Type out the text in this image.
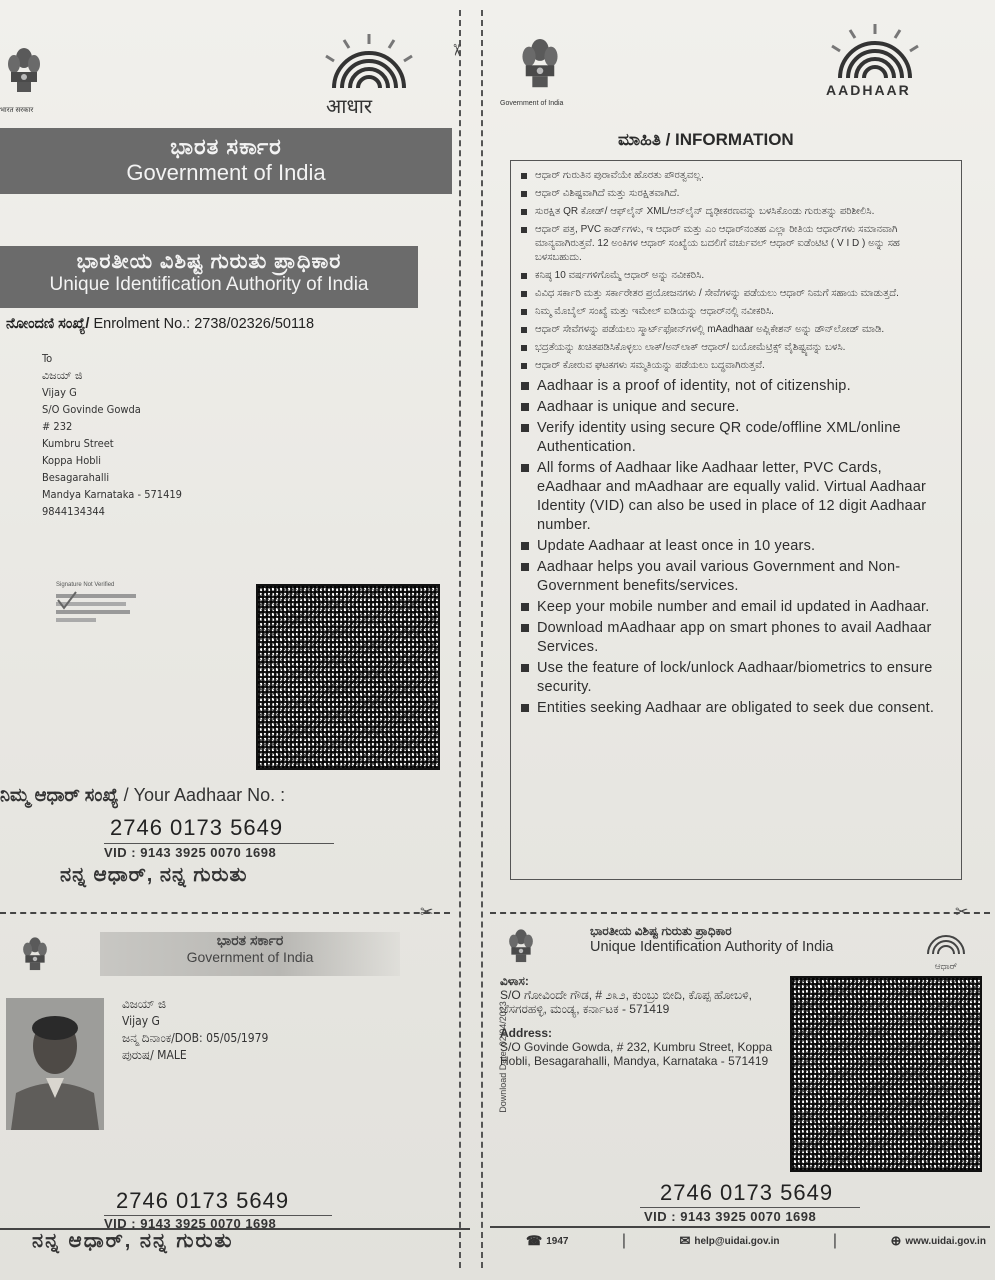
भारत सरकार	आधार
ಭಾರತ ಸರ್ಕಾರ
Government of India
ಭಾರತೀಯ ವಿಶಿಷ್ಟ ಗುರುತು ಪ್ರಾಧಿಕಾರ
Unique Identification Authority of India
ನೋಂದಣಿ ಸಂಖ್ಯೆ/ Enrolment No.: 2738/02326/50118
To
ವಿಜಯ್ ಜಿ
Vijay G
S/O Govinde Gowda
# 232
Kumbru Street
Koppa Hobli
Besagarahalli
Mandya Karnataka - 571419
9844134344
Signature Not Verified
ನಿಮ್ಮ ಆಧಾರ್ ಸಂಖ್ಯೆ / Your Aadhaar No. :
2746 0173 5649
VID : 9143 3925 0070 1698
ನನ್ನ ಆಧಾರ್, ನನ್ನ ಗುರುತು
✂
✂	✂
Government of India
AADHAAR
ಮಾಹಿತಿ / INFORMATION
ಆಧಾರ್ ಗುರುತಿನ ಪುರಾವೆಯೇ ಹೊರತು ಪೌರತ್ವವಲ್ಲ.
ಆಧಾರ್ ವಿಶಿಷ್ಟವಾಗಿದೆ ಮತ್ತು ಸುರಕ್ಷಿತವಾಗಿದೆ.
ಸುರಕ್ಷಿತ QR ಕೋಡ್/ ಆಫ್‌ಲೈನ್ XML/ಆನ್‌ಲೈನ್ ದೃಢೀಕರಣವನ್ನು ಬಳಸಿಕೊಂಡು ಗುರುತನ್ನು ಪರಿಶೀಲಿಸಿ.
ಆಧಾರ್ ಪತ್ರ, PVC ಕಾರ್ಡ್‌ಗಳು, ಇ ಆಧಾರ್ ಮತ್ತು ಎಂ ಆಧಾರ್‌ನಂತಹ ಎಲ್ಲಾ ರೀತಿಯ ಆಧಾರ್‌ಗಳು ಸಮಾನವಾಗಿ ಮಾನ್ಯವಾಗಿರುತ್ತವೆ. 12 ಅಂಕಿಗಳ ಆಧಾರ್ ಸಂಖ್ಯೆಯ ಬದಲಿಗೆ ವರ್ಚುವಲ್ ಆಧಾರ್ ಐಡೆಂಟಿಟಿ ( V I D ) ಅನ್ನು ಸಹ ಬಳಸಬಹುದು.
ಕನಿಷ್ಠ 10 ವರ್ಷಗಳಿಗೊಮ್ಮೆ ಆಧಾರ್ ಅನ್ನು ನವೀಕರಿಸಿ.
ವಿವಿಧ ಸರ್ಕಾರಿ ಮತ್ತು ಸರ್ಕಾರೇತರ ಪ್ರಯೋಜನಗಳು / ಸೇವೆಗಳನ್ನು ಪಡೆಯಲು ಆಧಾರ್ ನಿಮಗೆ ಸಹಾಯ ಮಾಡುತ್ತದೆ.
ನಿಮ್ಮ ಮೊಬೈಲ್ ಸಂಖ್ಯೆ ಮತ್ತು ಇಮೇಲ್ ಐಡಿಯನ್ನು ಆಧಾರ್‌ನಲ್ಲಿ ನವೀಕರಿಸಿ.
ಆಧಾರ್ ಸೇವೆಗಳನ್ನು ಪಡೆಯಲು ಸ್ಮಾರ್ಟ್‌ಫೋನ್‌ಗಳಲ್ಲಿ mAadhaar ಅಪ್ಲಿಕೇಶನ್ ಅನ್ನು ಡೌನ್‌ಲೋಡ್ ಮಾಡಿ.
ಭದ್ರತೆಯನ್ನು ಖಚಿತಪಡಿಸಿಕೊಳ್ಳಲು ಲಾಕ್/ಅನ್‌ಲಾಕ್ ಆಧಾರ್/ ಬಯೋಮೆಟ್ರಿಕ್ಸ್ ವೈಶಿಷ್ಟ್ಯವನ್ನು ಬಳಸಿ.
ಆಧಾರ್ ಕೋರುವ ಘಟಕಗಳು ಸಮ್ಮತಿಯನ್ನು ಪಡೆಯಲು ಬದ್ಧವಾಗಿರುತ್ತವೆ.
Aadhaar is a proof of identity, not of citizenship.
Aadhaar is unique and secure.
Verify identity using secure QR code/offline XML/online Authentication.
All forms of Aadhaar like Aadhaar letter, PVC Cards, eAadhaar and mAadhaar are equally valid. Virtual Aadhaar Identity (VID) can also be used in place of 12 digit Aadhaar number.
Update Aadhaar at least once in 10 years.
Aadhaar helps you avail various Government and Non- Government benefits/services.
Keep your mobile number and email id updated in Aadhaar.
Download mAadhaar app on smart phones to avail Aadhaar Services.
Use the feature of lock/unlock Aadhaar/biometrics to ensure security.
Entities seeking Aadhaar are obligated to seek due consent.
ಭಾರತ ಸರ್ಕಾರ
Government of India
ವಿಜಯ್ ಜಿ
Vijay G
ಜನ್ಮ ದಿನಾಂಕ/DOB: 05/05/1979
ಪುರುಷ/ MALE
2746 0173 5649
VID : 9143 3925 0070 1698
ನನ್ನ ಆಧಾರ್, ನನ್ನ ಗುರುತು
ಭಾರತೀಯ ವಿಶಿಷ್ಟ ಗುರುತು ಪ್ರಾಧಿಕಾರ
Unique Identification Authority of India
ಆಧಾರ್
Download Date: 02/04/2023
ವಿಳಾಸ:
S/O ಗೋವಿಂದೇ ಗೌಡ, # ೨೩೨, ಕುಂಬ್ರು ಬೀದಿ, ಕೊಪ್ಪ ಹೋಬಳಿ, ಬೆಸಗರಹಳ್ಳಿ, ಮಂಡ್ಯ, ಕರ್ನಾಟಕ - 571419
Address:
S/O Govinde Gowda, # 232, Kumbru Street, Koppa Hobli, Besagarahalli, Mandya, Karnataka - 571419
2746 0173 5649
VID : 9143 3925 0070 1698
☎ 1947	|	✉ help@uidai.gov.in	|	⊕ www.uidai.gov.in
